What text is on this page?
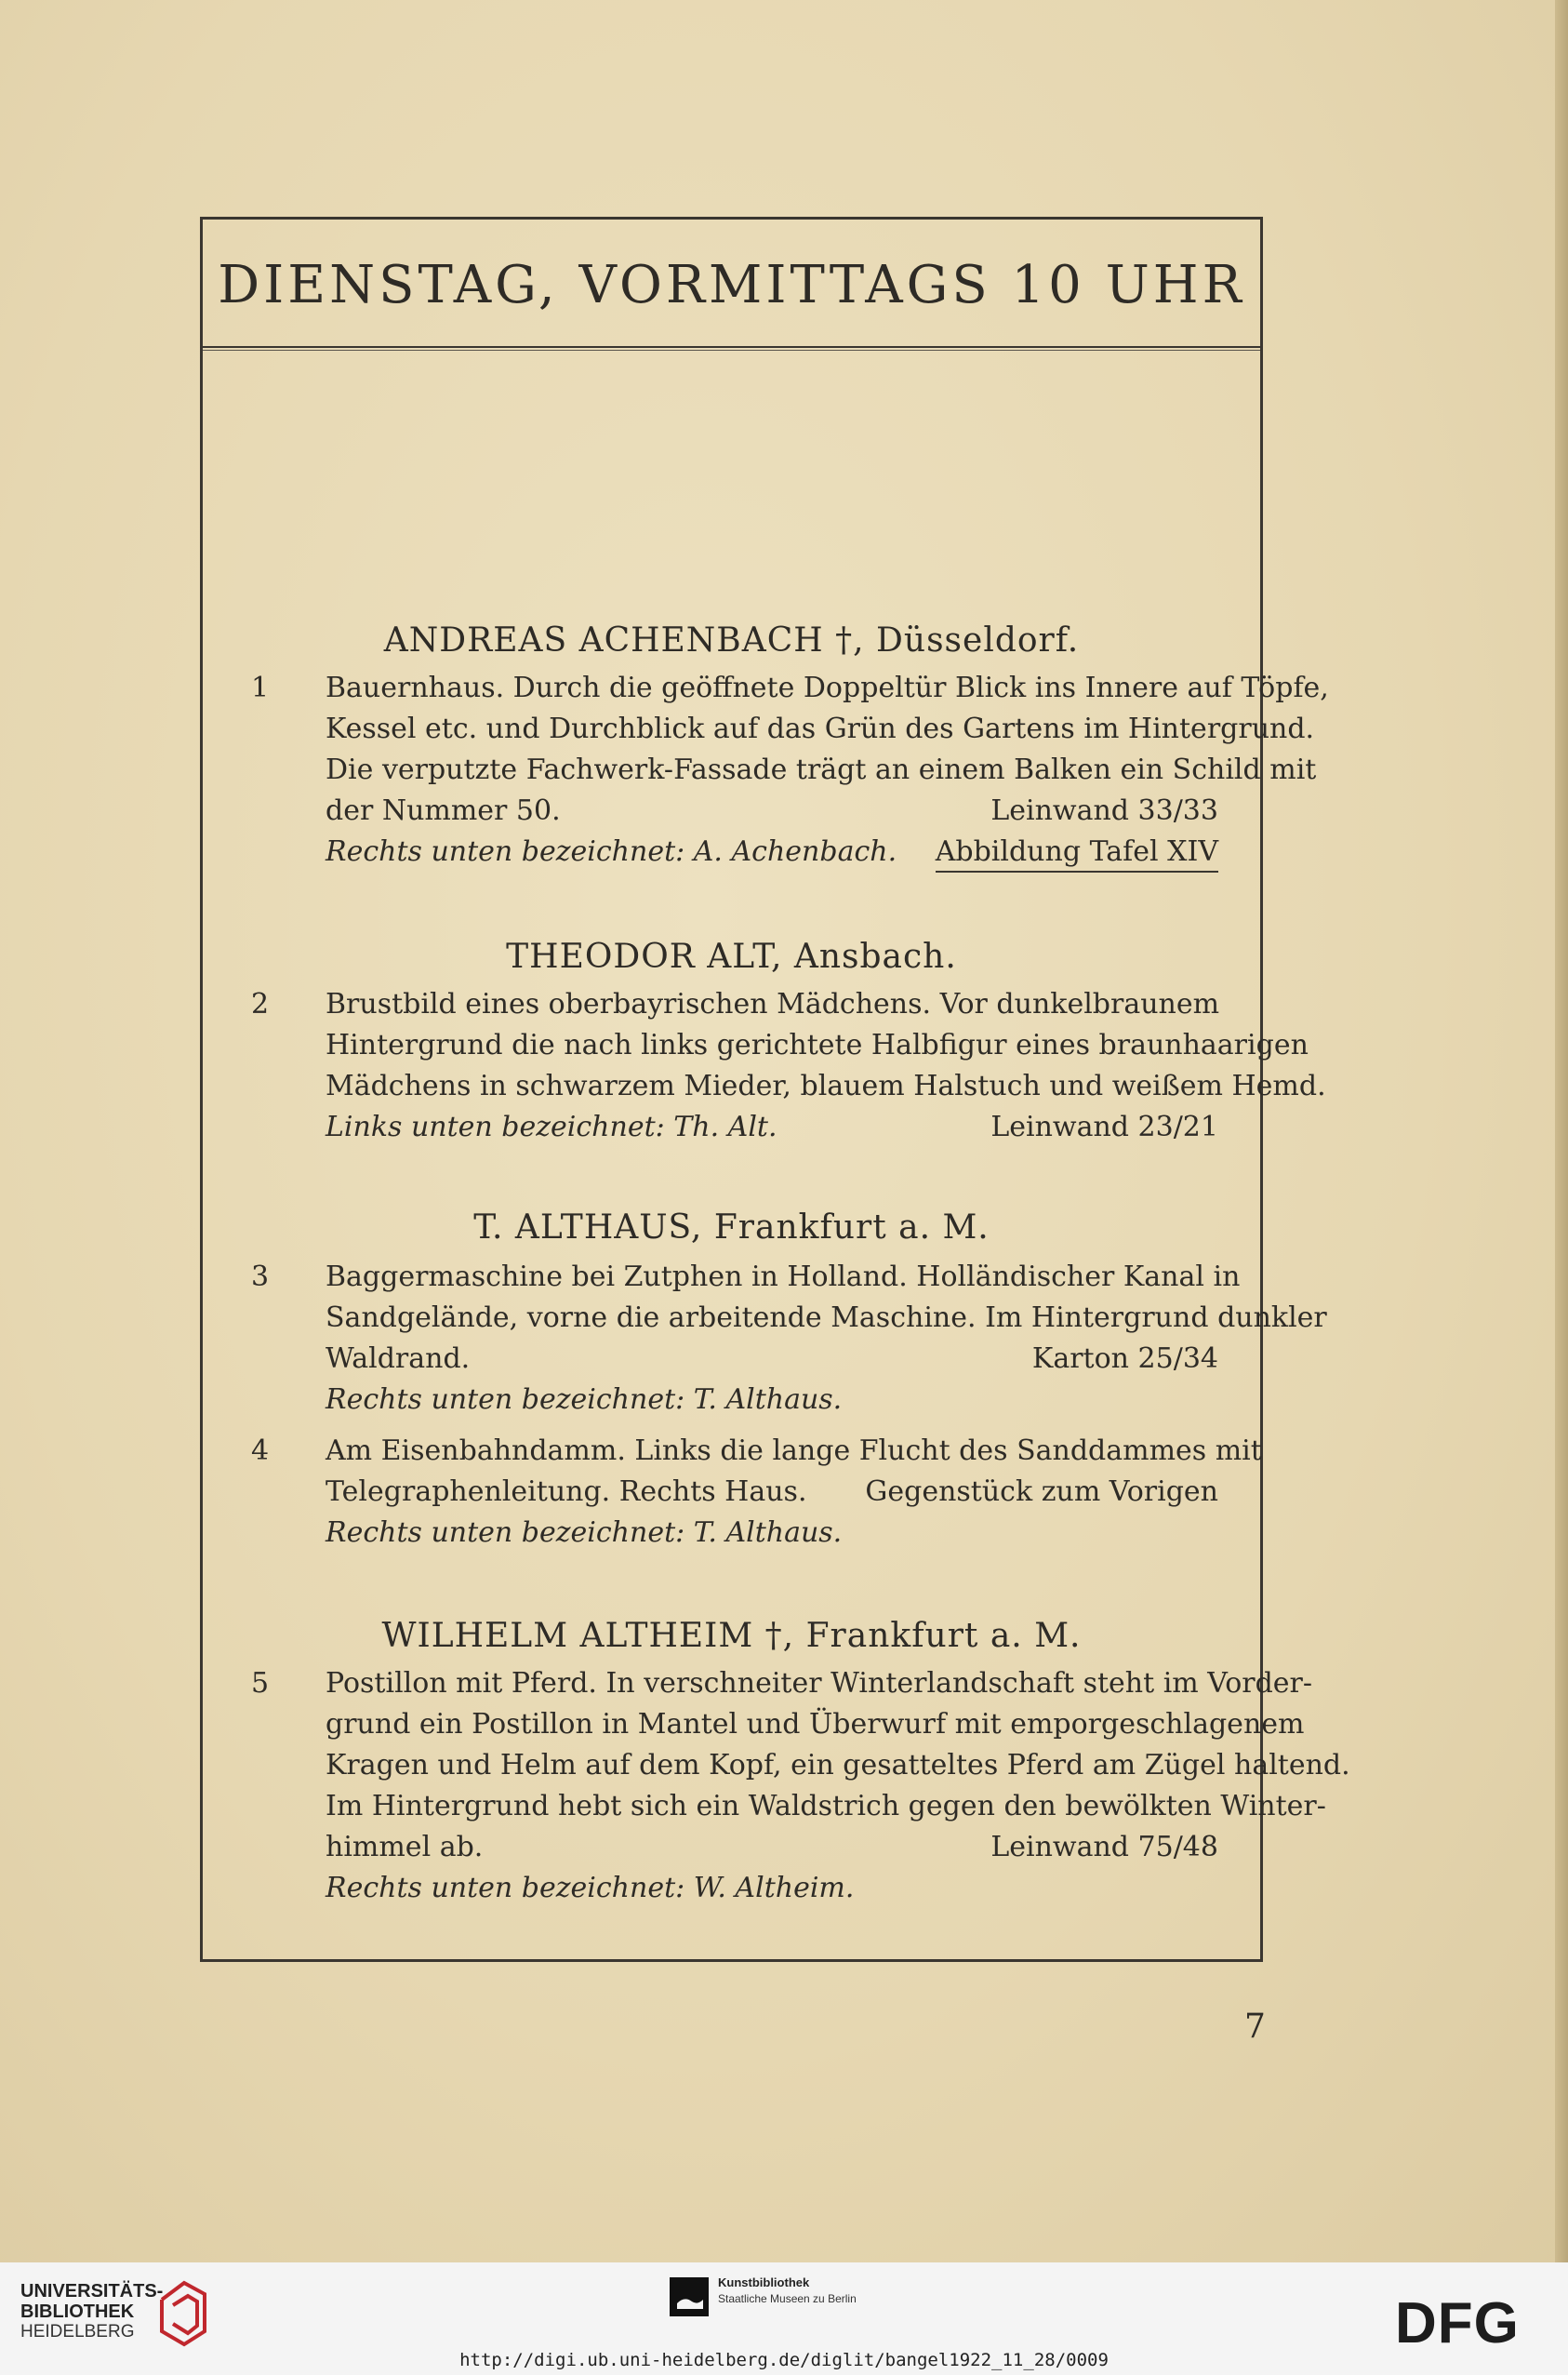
DIENSTAG, VORMITTAGS 10 UHR
ANDREAS ACHENBACH †, Düsseldorf.
1	Bauernhaus. Durch die geöffnete Doppeltür Blick ins Innere auf Töpfe,
Kessel etc. und Durchblick auf das Grün des Gartens im Hintergrund.
Die verputzte Fachwerk-Fassade trägt an einem Balken ein Schild mit
der Nummer 50.	Leinwand 33/33
Rechts unten bezeichnet: A. Achenbach. Abbildung Tafel XIV
THEODOR ALT, Ansbach.
2	Brustbild eines oberbayrischen Mädchens. Vor dunkelbraunem
Hintergrund die nach links gerichtete Halbfigur eines braunhaarigen
Mädchens in schwarzem Mieder, blauem Halstuch und weißem Hemd.
Links unten bezeichnet: Th. Alt.	Leinwand 23/21
T. ALTHAUS, Frankfurt a. M.
3	Baggermaschine bei Zutphen in Holland. Holländischer Kanal in
Sandgelände, vorne die arbeitende Maschine. Im Hintergrund dunkler
Waldrand.	Karton 25/34
Rechts unten bezeichnet: T. Althaus.
4	Am Eisenbahndamm. Links die lange Flucht des Sanddammes mit
Telegraphenleitung. Rechts Haus. Gegenstück zum Vorigen
Rechts unten bezeichnet: T. Althaus.
WILHELM ALTHEIM †, Frankfurt a. M.
5	Postillon mit Pferd. In verschneiter Winterlandschaft steht im Vorder-
grund ein Postillon in Mantel und Überwurf mit emporgeschlagenem
Kragen und Helm auf dem Kopf, ein gesatteltes Pferd am Zügel haltend.
Im Hintergrund hebt sich ein Waldstrich gegen den bewölkten Winter-
himmel ab.	Leinwand 75/48
Rechts unten bezeichnet: W. Altheim.
7
UNIVERSITÄTS-
BIBLIOTHEK
HEIDELBERG
Kunstbibliothek
Staatliche Museen zu Berlin	DFG
http://digi.ub.uni-heidelberg.de/diglit/bangel1922_11_28/0009
